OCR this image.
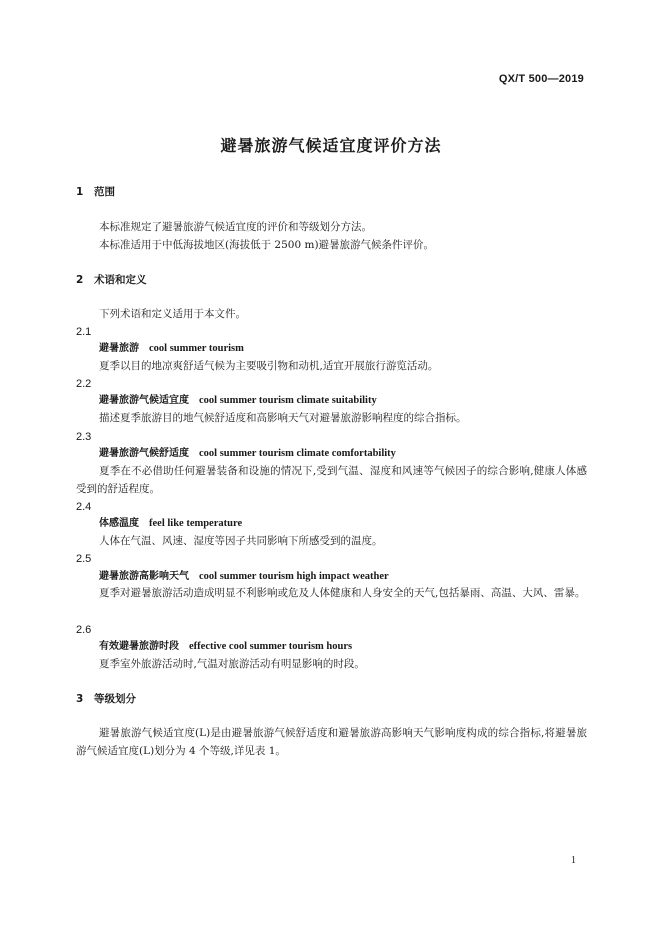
QX/T 500—2019
避暑旅游气候适宜度评价方法
1 范围
本标准规定了避暑旅游气候适宜度的评价和等级划分方法。
本标准适用于中低海拔地区(海拔低于 2500 m)避暑旅游气候条件评价。
2 术语和定义
下列术语和定义适用于本文件。
2.1
避暑旅游 cool summer tourism
夏季以目的地凉爽舒适气候为主要吸引物和动机,适宜开展旅行游览活动。
2.2
避暑旅游气候适宜度 cool summer tourism climate suitability
描述夏季旅游目的地气候舒适度和高影响天气对避暑旅游影响程度的综合指标。
2.3
避暑旅游气候舒适度 cool summer tourism climate comfortability
夏季在不必借助任何避暑装备和设施的情况下,受到气温、湿度和风速等气候因子的综合影响,健康人体感受到的舒适程度。
2.4
体感温度 feel like temperature
人体在气温、风速、湿度等因子共同影响下所感受到的温度。
2.5
避暑旅游高影响天气 cool summer tourism high impact weather
夏季对避暑旅游活动造成明显不利影响或危及人体健康和人身安全的天气,包括暴雨、高温、大风、雷暴。
2.6
有效避暑旅游时段 effective cool summer tourism hours
夏季室外旅游活动时,气温对旅游活动有明显影响的时段。
3 等级划分
避暑旅游气候适宜度(L)是由避暑旅游气候舒适度和避暑旅游高影响天气影响度构成的综合指标,将避暑旅游气候适宜度(L)划分为 4 个等级,详见表 1。
1
